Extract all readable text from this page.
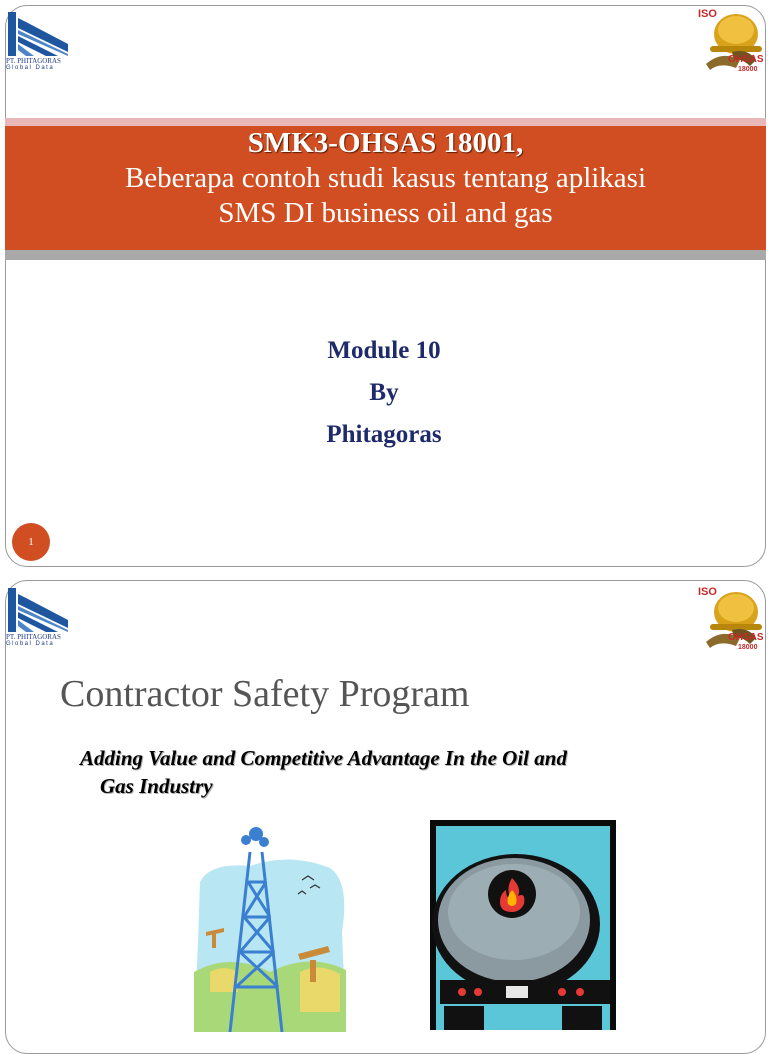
PT. PHITAGORAS
Global Data
ISO
OHSAS
18000
SMK3-OHSAS 18001,
Beberapa contoh studi kasus tentang aplikasi
SMS DI business oil and gas
Module 10
By
Phitagoras
1
PT. PHITAGORAS
Global Data
ISO
OHSAS
18000
Contractor Safety Program
Adding Value and Competitive Advantage In the Oil and
Gas Industry
